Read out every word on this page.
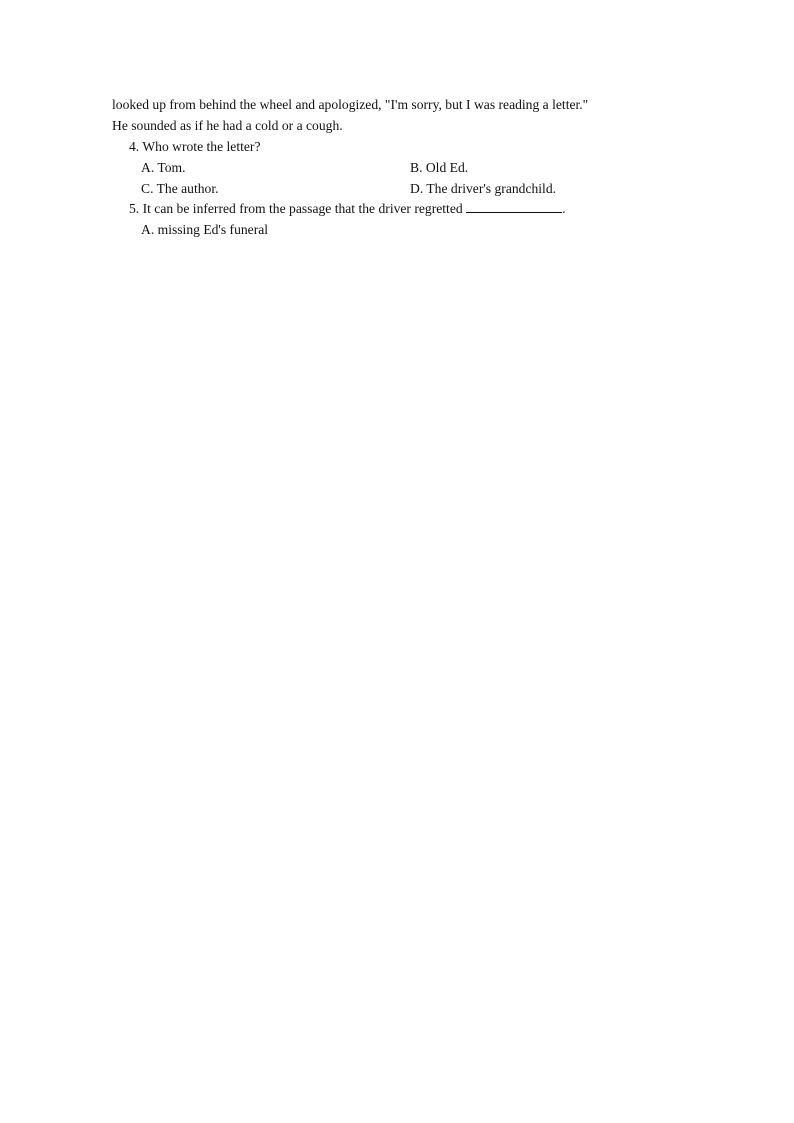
looked up from behind the wheel and apologized, "I'm sorry, but I was reading a letter."
He sounded as if he had a cold or a cough.
4. Who wrote the letter?
A. Tom.	B. Old Ed.
C. The author.	D. The driver's grandchild.
5. It can be inferred from the passage that the driver regretted	.
A. missing Ed's funeral
